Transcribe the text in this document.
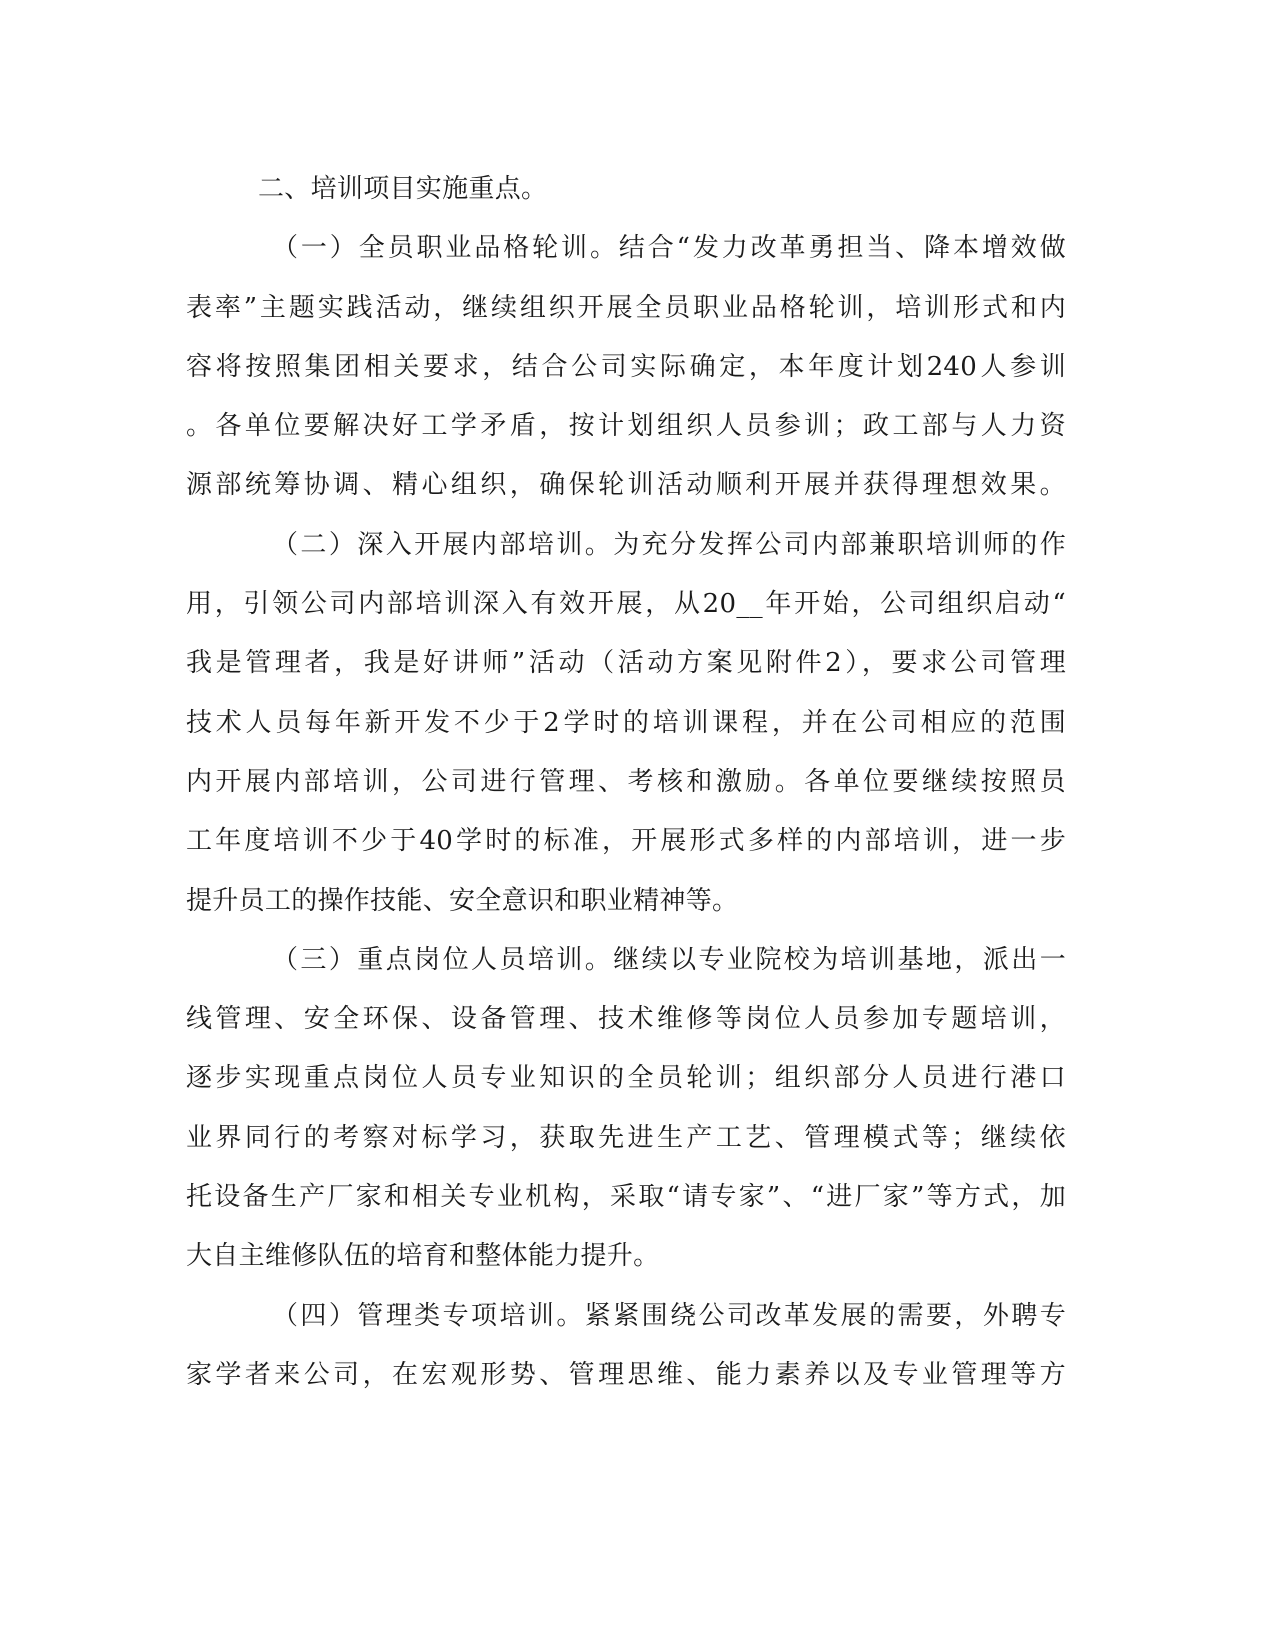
二、培训项目实施重点。
（一）全员职业品格轮训。结合“发力改革勇担当、降本增效做
表率”主题实践活动，继续组织开展全员职业品格轮训，培训形式和内
容将按照集团相关要求，结合公司实际确定，本年度计划240人参训
。各单位要解决好工学矛盾，按计划组织人员参训；政工部与人力资
源部统筹协调、精心组织，确保轮训活动顺利开展并获得理想效果。
（二）深入开展内部培训。为充分发挥公司内部兼职培训师的作
用，引领公司内部培训深入有效开展，从20__年开始，公司组织启动“
我是管理者，我是好讲师”活动（活动方案见附件2），要求公司管理
技术人员每年新开发不少于2学时的培训课程，并在公司相应的范围
内开展内部培训，公司进行管理、考核和激励。各单位要继续按照员
工年度培训不少于40学时的标准，开展形式多样的内部培训，进一步
提升员工的操作技能、安全意识和职业精神等。
（三）重点岗位人员培训。继续以专业院校为培训基地，派出一
线管理、安全环保、设备管理、技术维修等岗位人员参加专题培训，
逐步实现重点岗位人员专业知识的全员轮训；组织部分人员进行港口
业界同行的考察对标学习，获取先进生产工艺、管理模式等；继续依
托设备生产厂家和相关专业机构，采取“请专家”、“进厂家”等方式，加
大自主维修队伍的培育和整体能力提升。
（四）管理类专项培训。紧紧围绕公司改革发展的需要，外聘专
家学者来公司，在宏观形势、管理思维、能力素养以及专业管理等方
